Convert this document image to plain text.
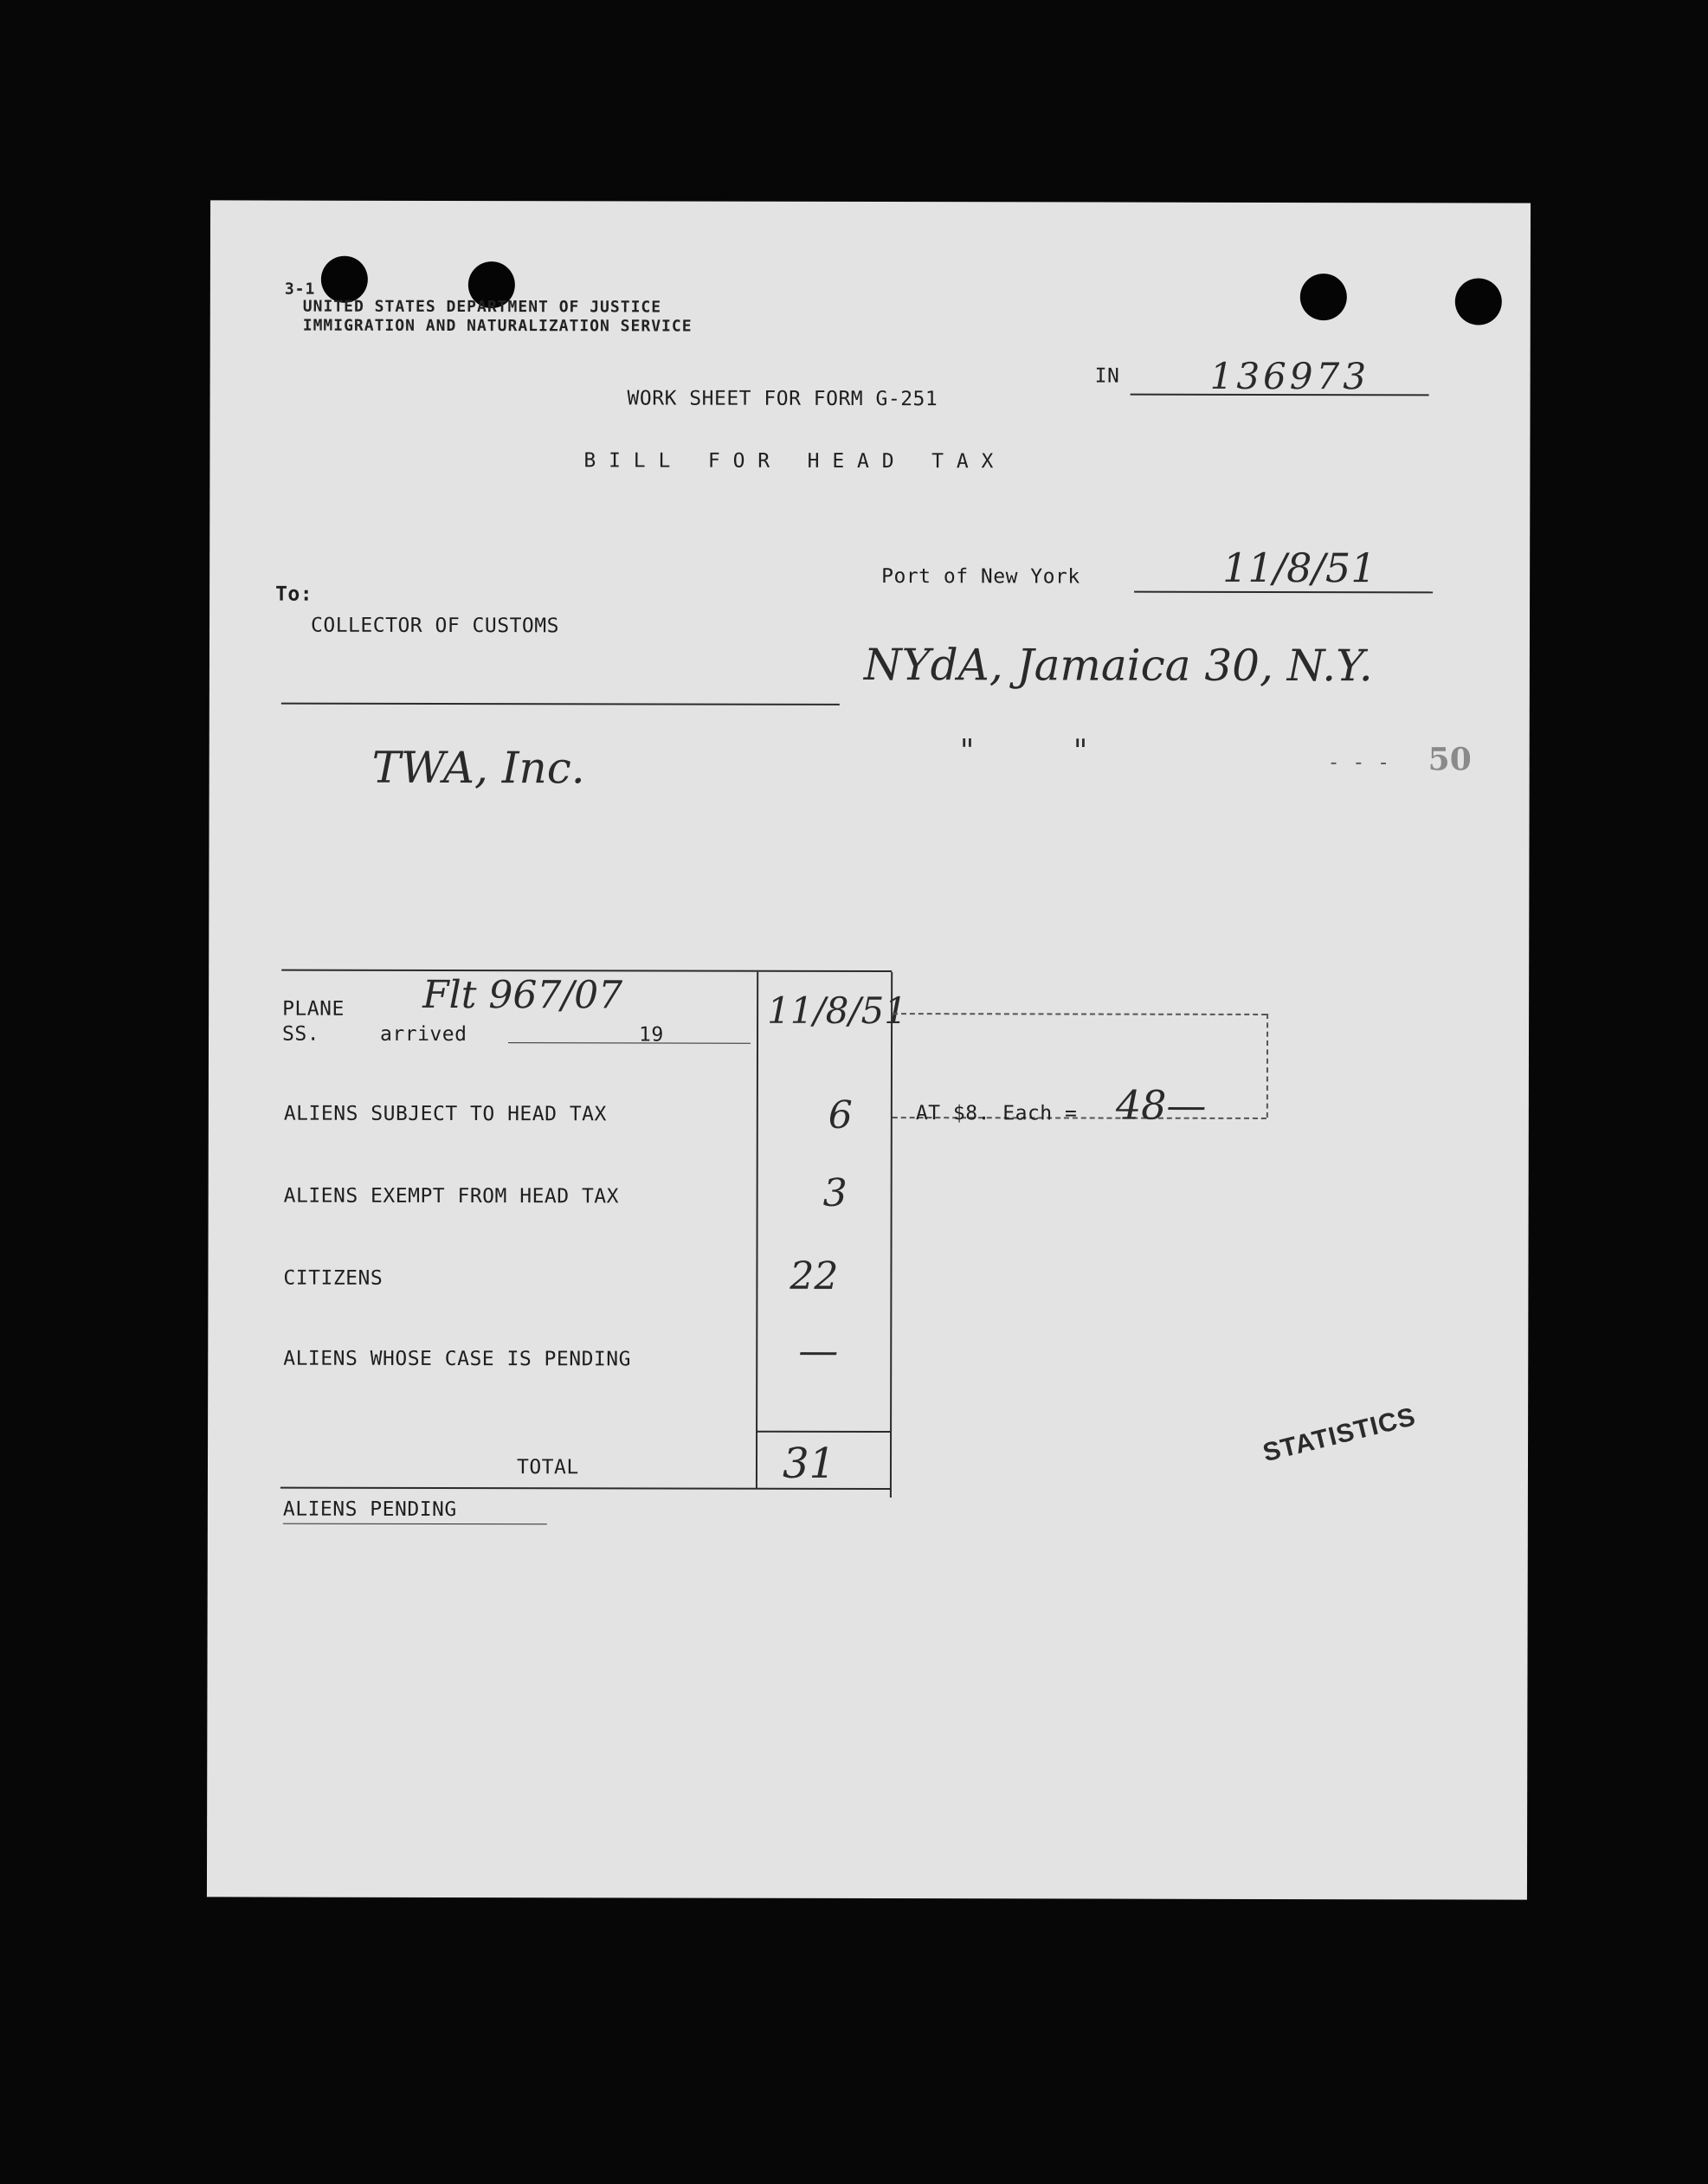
3-1
UNITED STATES DEPARTMENT OF JUSTICE
IMMIGRATION AND NATURALIZATION SERVICE
IN 136973
WORK SHEET FOR FORM G-251
B I L L   F O R   H E A D   T A X
Port of New York	11/8/51
To:
COLLECTOR OF CUSTOMS
NYdA, Jamaica 30, N.Y.
"          "	- - - 50
TWA, Inc.
PLANE
SS.	arrived	19
Flt 967/07	11/8/51
ALIENS SUBJECT TO HEAD TAX	6
ALIENS EXEMPT FROM HEAD TAX	3
CITIZENS	22
ALIENS WHOSE CASE IS PENDING	—
TOTAL	31
AT $8. Each = 48—
ALIENS PENDING
STATISTICS
